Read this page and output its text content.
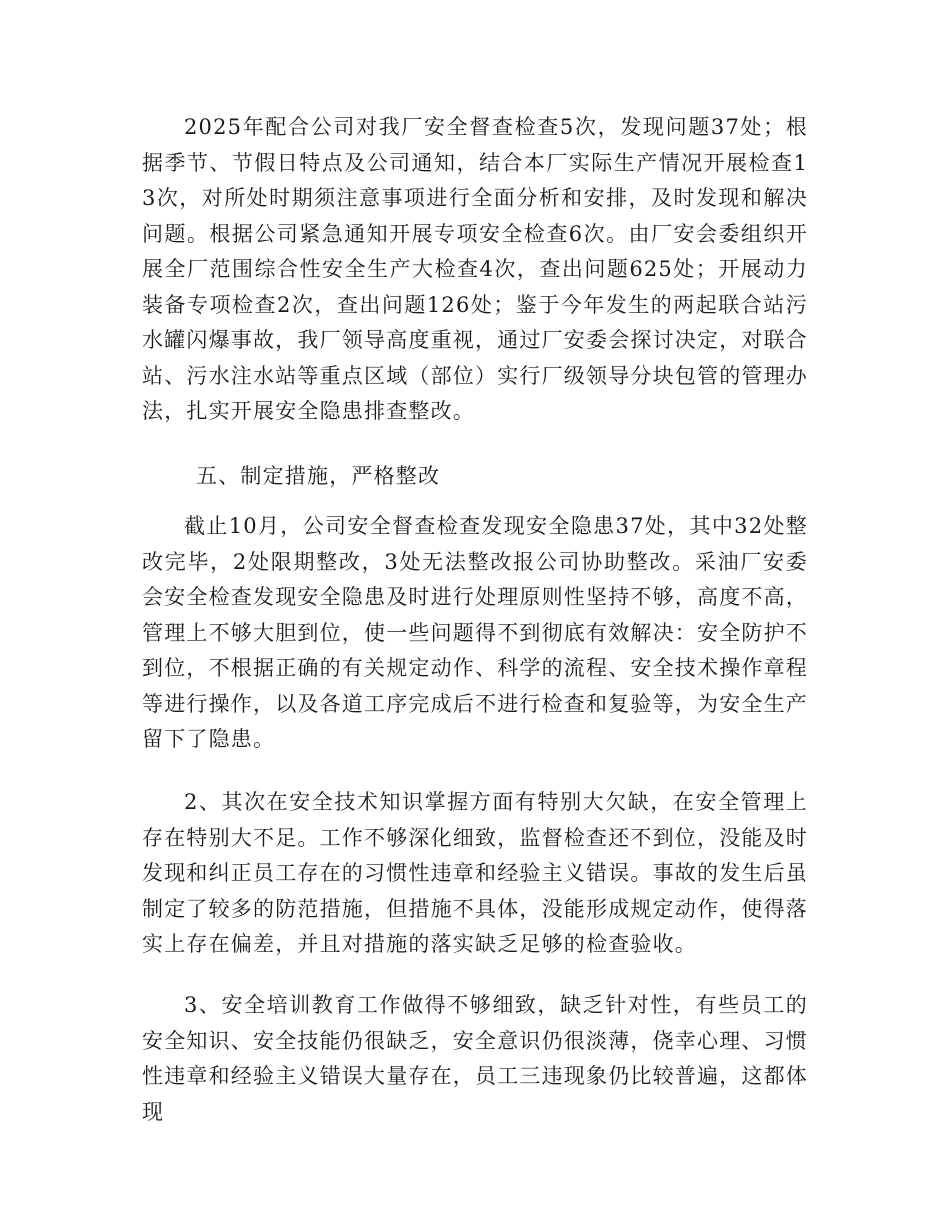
2025年配合公司对我厂安全督查检查5次，发现问题37处；根据季节、节假日特点及公司通知，结合本厂实际生产情况开展检查13次，对所处时期须注意事项进行全面分析和安排，及时发现和解决问题。根据公司紧急通知开展专项安全检查6次。由厂安会委组织开展全厂范围综合性安全生产大检查4次，查出问题625处；开展动力装备专项检查2次，查出问题126处；鉴于今年发生的两起联合站污水罐闪爆事故，我厂领导高度重视，通过厂安委会探讨决定，对联合站、污水注水站等重点区域（部位）实行厂级领导分块包管的管理办法，扎实开展安全隐患排查整改。

五、制定措施，严格整改

截止10月，公司安全督查检查发现安全隐患37处，其中32处整改完毕，2处限期整改，3处无法整改报公司协助整改。采油厂安委会安全检查发现安全隐患及时进行处理原则性坚持不够，高度不高，管理上不够大胆到位，使一些问题得不到彻底有效解决：安全防护不到位，不根据正确的有关规定动作、科学的流程、安全技术操作章程等进行操作，以及各道工序完成后不进行检查和复验等，为安全生产留下了隐患。

2、其次在安全技术知识掌握方面有特别大欠缺，在安全管理上存在特别大不足。工作不够深化细致，监督检查还不到位，没能及时发现和纠正员工存在的习惯性违章和经验主义错误。事故的发生后虽制定了较多的防范措施，但措施不具体，没能形成规定动作，使得落实上存在偏差，并且对措施的落实缺乏足够的检查验收。

3、安全培训教育工作做得不够细致，缺乏针对性，有些员工的安全知识、安全技能仍很缺乏，安全意识仍很淡薄，侥幸心理、习惯性违章和经验主义错误大量存在，员工三违现象仍比较普遍，这都体现
